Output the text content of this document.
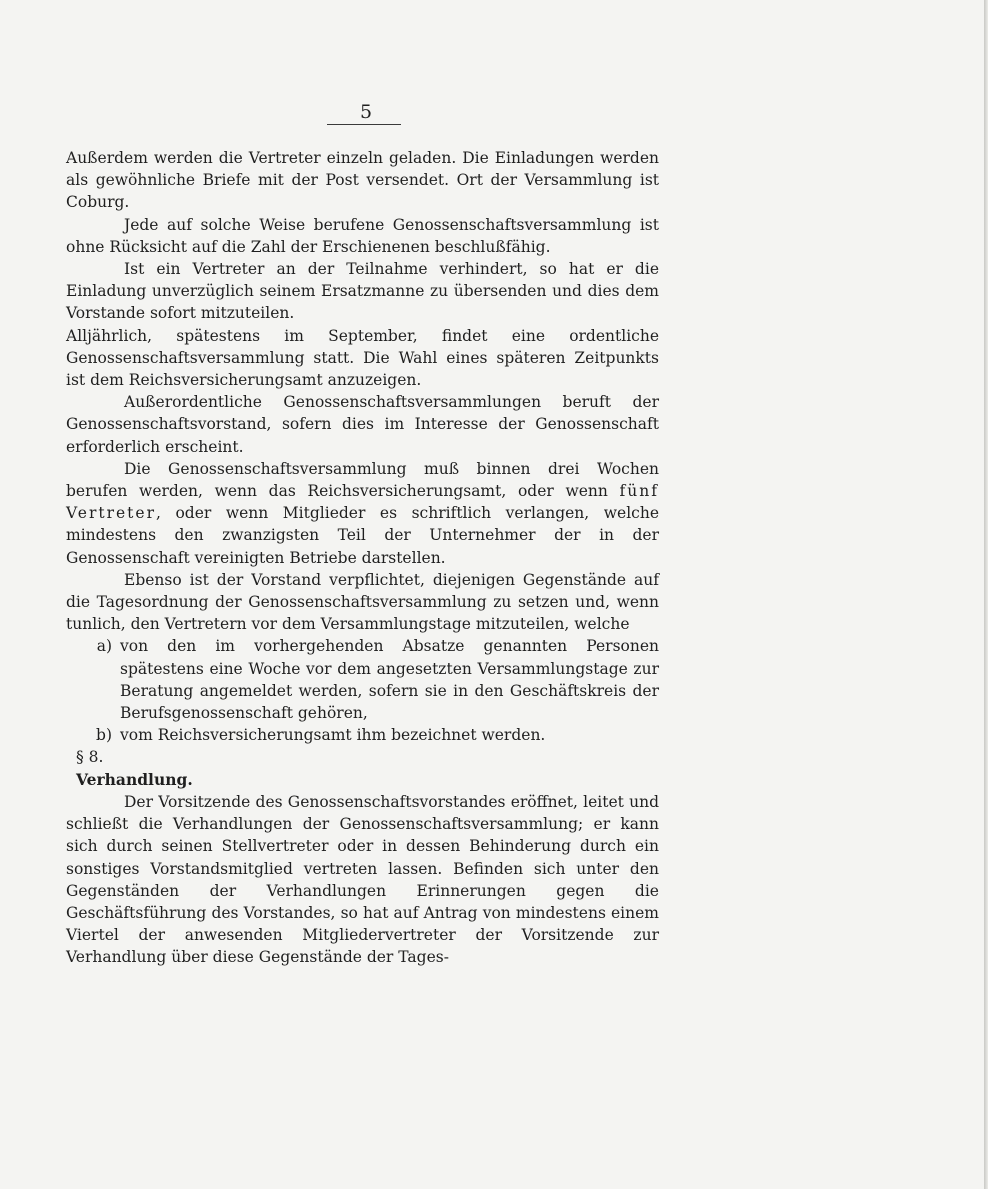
5

Außerdem werden die Vertreter einzeln geladen. Die Einladungen werden als gewöhnliche Briefe mit der Post versendet. Ort der Versammlung ist Coburg.

Jede auf solche Weise berufene Genossenschaftsversammlung ist ohne Rücksicht auf die Zahl der Erschienenen beschlußfähig.

Ist ein Vertreter an der Teilnahme verhindert, so hat er die Einladung unverzüglich seinem Ersatzmanne zu übersenden und dies dem Vorstande sofort mitzuteilen.

Alljährlich, spätestens im September, findet eine ordentliche Genossenschaftsversammlung statt. Die Wahl eines späteren Zeitpunkts ist dem Reichsversicherungsamt anzuzeigen.

Außerordentliche Genossenschaftsversammlungen beruft der Genossenschaftsvorstand, sofern dies im Interesse der Genossenschaft erforderlich erscheint.

Die Genossenschaftsversammlung muß binnen drei Wochen berufen werden, wenn das Reichsversicherungsamt, oder wenn fünf Vertreter, oder wenn Mitglieder es schriftlich verlangen, welche mindestens den zwanzigsten Teil der Unternehmer der in der Genossenschaft vereinigten Betriebe darstellen.

Ebenso ist der Vorstand verpflichtet, diejenigen Gegenstände auf die Tagesordnung der Genossenschaftsversammlung zu setzen und, wenn tunlich, den Vertretern vor dem Versammlungstage mitzuteilen, welche

a) von den im vorhergehenden Absatze genannten Personen spätestens eine Woche vor dem angesetzten Versammlungstage zur Beratung angemeldet werden, sofern sie in den Geschäftskreis der Berufsgenossenschaft gehören,
b) vom Reichsversicherungsamt ihm bezeichnet werden.

§ 8.

Verhandlung.

Der Vorsitzende des Genossenschaftsvorstandes eröffnet, leitet und schließt die Verhandlungen der Genossenschaftsversammlung; er kann sich durch seinen Stellvertreter oder in dessen Behinderung durch ein sonstiges Vorstandsmitglied vertreten lassen. Befinden sich unter den Gegenständen der Verhandlungen Erinnerungen gegen die Geschäftsführung des Vorstandes, so hat auf Antrag von mindestens einem Viertel der anwesenden Mitgliedervertreter der Vorsitzende zur Verhandlung über diese Gegenstände der Tages-
